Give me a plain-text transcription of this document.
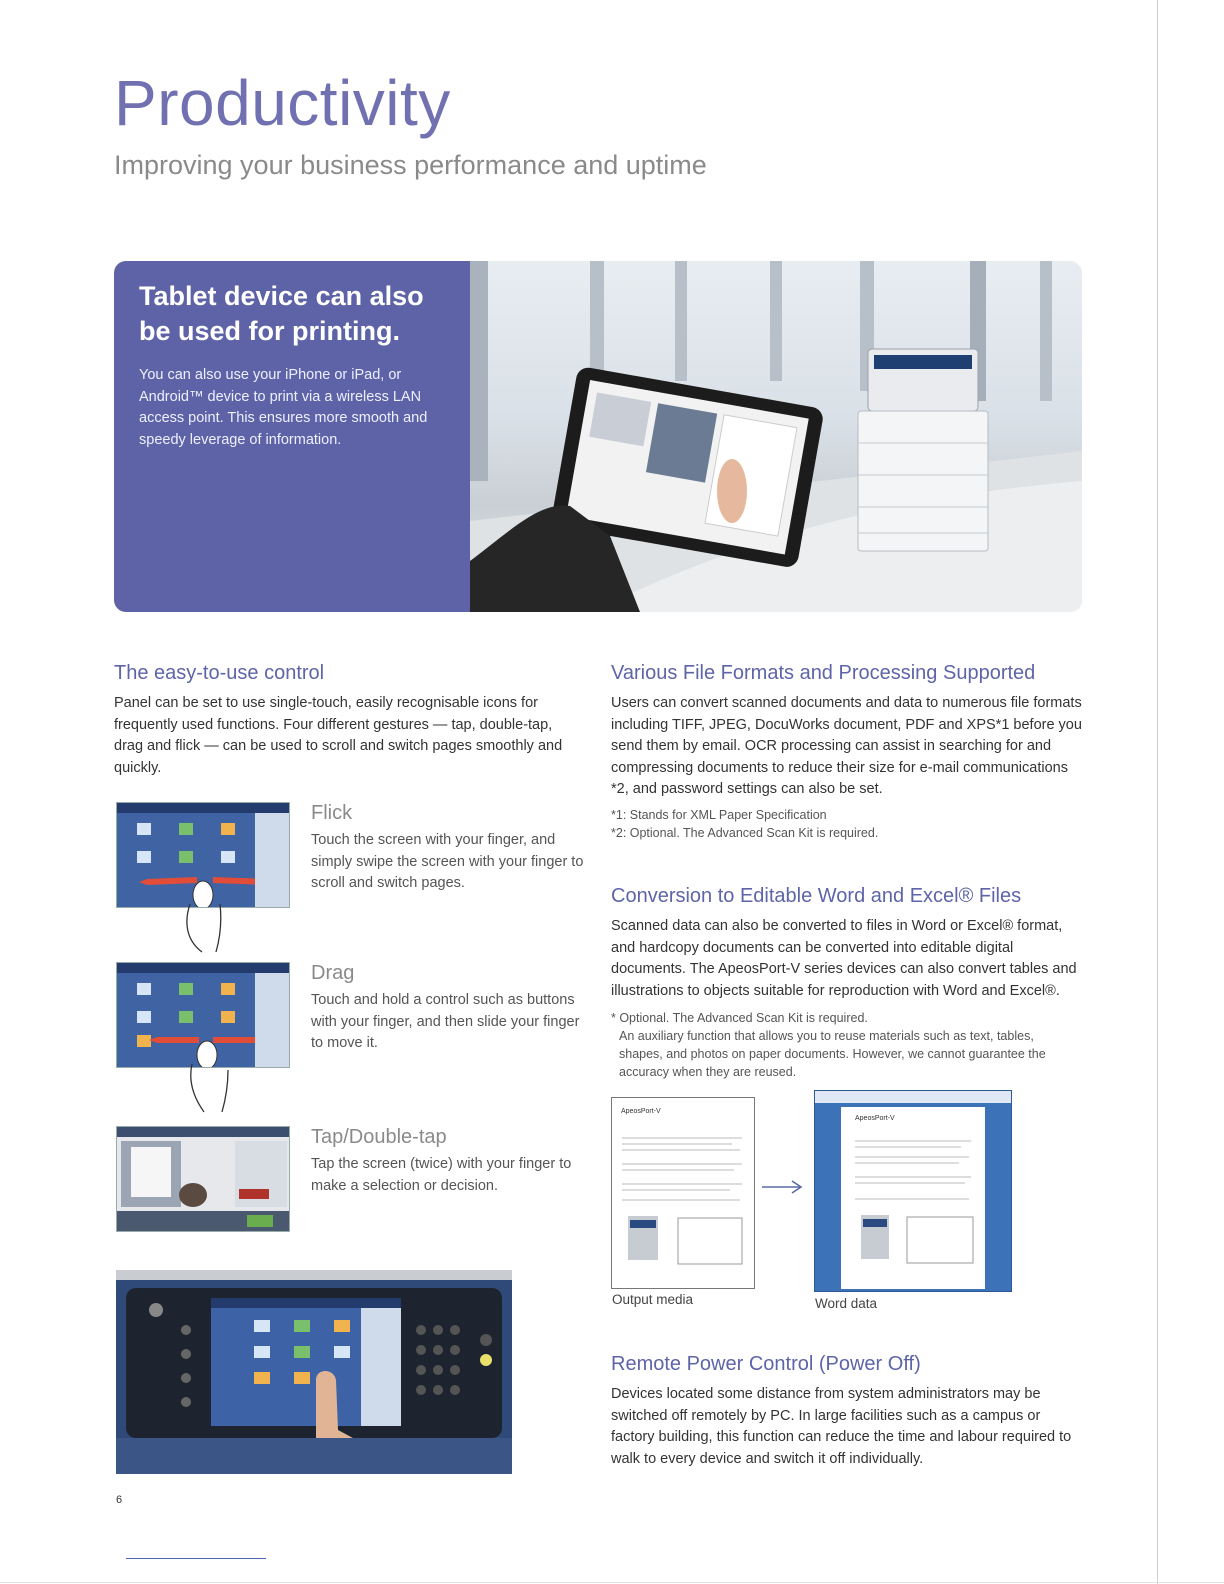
Productivity
Improving your business performance and uptime
Tablet device can also be used for printing.
You can also use your iPhone or iPad, or Android™ device to print via a wireless LAN access point. This ensures more smooth and speedy leverage of information.
The easy-to-use control

Panel can be set to use single-touch, easily recognisable icons for frequently used functions. Four different gestures — tap, double-tap, drag and flick — can be used to scroll and switch pages smoothly and quickly.

Flick

Touch the screen with your finger, and simply swipe the screen with your finger to scroll and switch pages.

Drag

Touch and hold a control such as buttons with your finger, and then slide your finger to move it.

Tap/Double-tap

Tap the screen (twice) with your finger to make a selection or decision.

6
Various File Formats and Processing Supported

Users can convert scanned documents and data to numerous file formats including TIFF, JPEG, DocuWorks document, PDF and XPS*1 before you send them by email. OCR processing can assist in searching for and compressing documents to reduce their size for e-mail communications *2, and password settings can also be set.

*1: Stands for XML Paper Specification

*2: Optional. The Advanced Scan Kit is required.

Conversion to Editable Word and Excel® Files

Scanned data can also be converted to files in Word or Excel® format, and hardcopy documents can be converted into editable digital documents. The ApeosPort-V series devices can also convert tables and illustrations to objects suitable for reproduction with Word and Excel®.

* Optional. The Advanced Scan Kit is required.

An auxiliary function that allows you to reuse materials such as text, tables, shapes, and photos on paper documents. However, we cannot guarantee the accuracy when they are reused.

ApeosPort-V
Output media
ApeosPort-V
Word data
Remote Power Control (Power Off)

Devices located some distance from system administrators may be switched off remotely by PC. In large facilities such as a campus or factory building, this function can reduce the time and labour required to walk to every device and switch it off individually.
